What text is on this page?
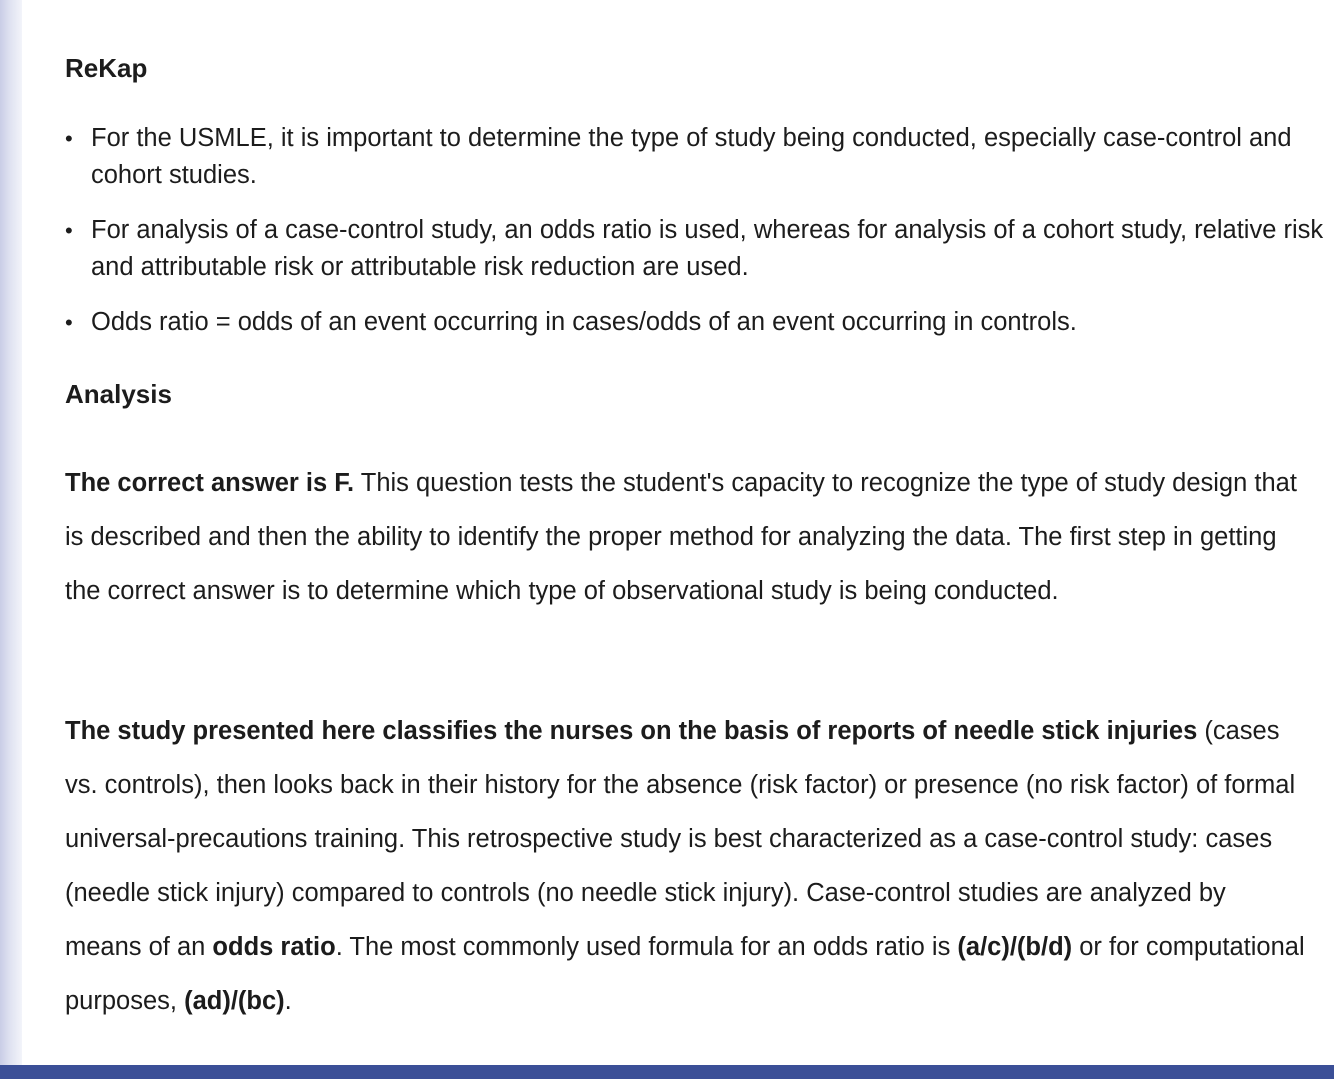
ReKap
• For the USMLE, it is important to determine the type of study being conducted, especially case-control and cohort studies.
• For analysis of a case-control study, an odds ratio is used, whereas for analysis of a cohort study, relative risk and attributable risk or attributable risk reduction are used.
• Odds ratio = odds of an event occurring in cases/odds of an event occurring in controls.
Analysis

The correct answer is F. This question tests the student's capacity to recognize the type of study design that is described and then the ability to identify the proper method for analyzing the data. The first step in getting the correct answer is to determine which type of observational study is being conducted.

The study presented here classifies the nurses on the basis of reports of needle stick injuries (cases vs. controls), then looks back in their history for the absence (risk factor) or presence (no risk factor) of formal universal-precautions training. This retrospective study is best characterized as a case-control study: cases (needle stick injury) compared to controls (no needle stick injury). Case-control studies are analyzed by means of an odds ratio. The most commonly used formula for an odds ratio is (a/c)/(b/d) or for computational purposes, (ad)/(bc).
